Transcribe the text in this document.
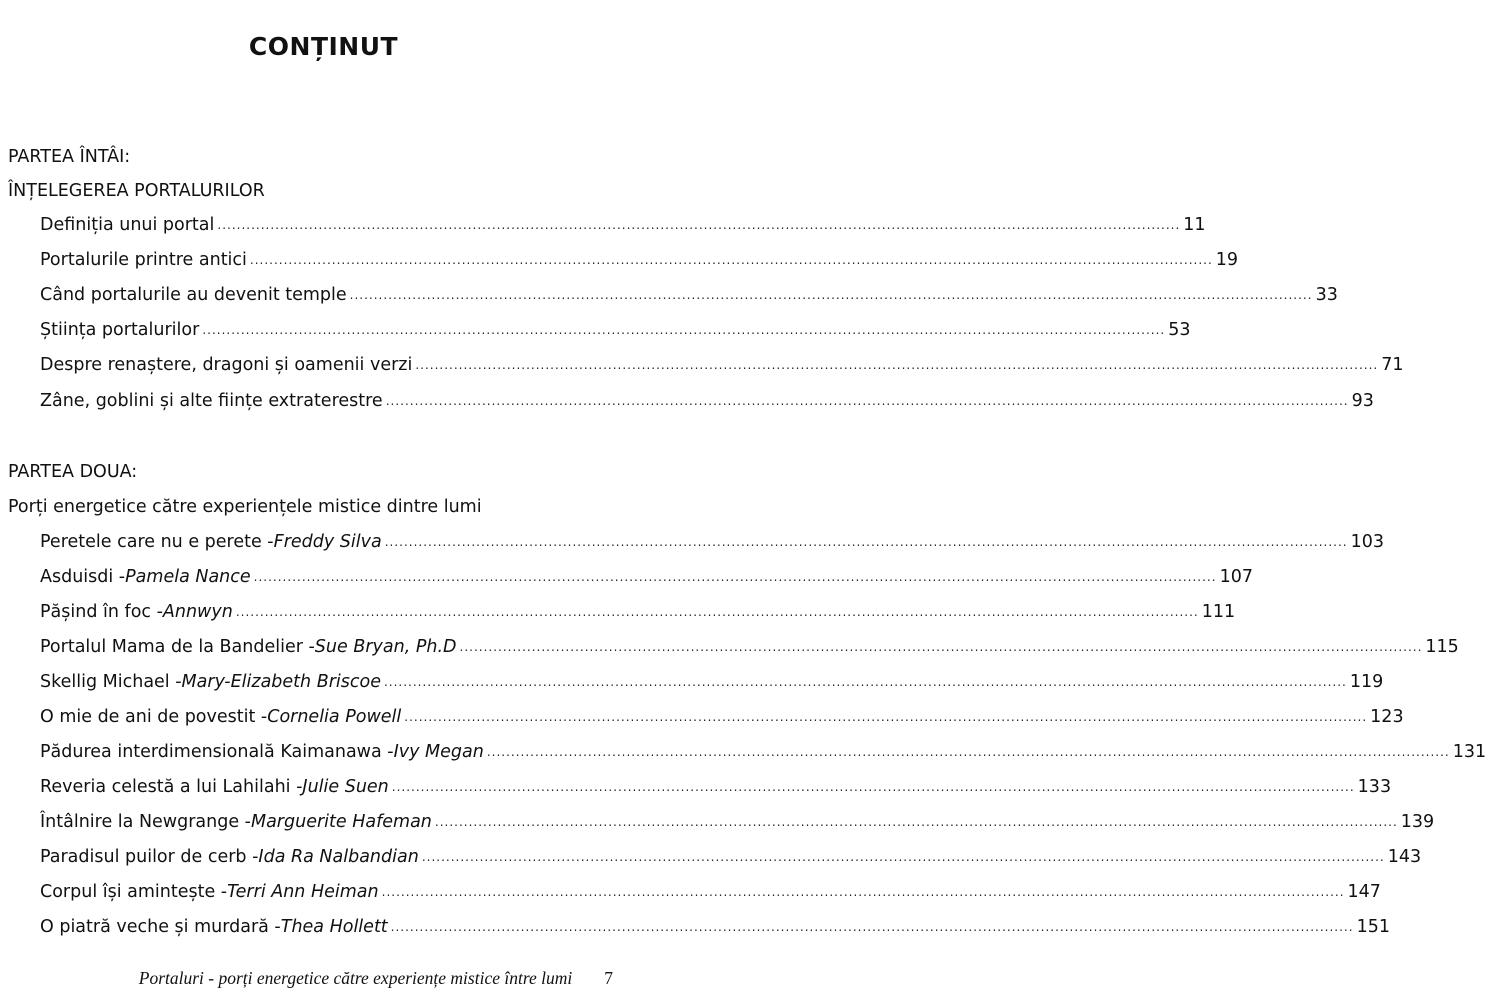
CONȚINUT
PARTEA ÎNTÂI:
ÎNȚELEGEREA PORTALURILOR
Definiția unui portal ........................................................................................................................................................................................................ 11
Portalurile printre antici ........................................................................................................................................................................................................ 19
Când portalurile au devenit temple ........................................................................................................................................................................................................ 33
Știința portalurilor ........................................................................................................................................................................................................ 53
Despre renaștere, dragoni și oamenii verzi ........................................................................................................................................................................................................ 71
Zâne, goblini și alte ființe extraterestre ........................................................................................................................................................................................................ 93
PARTEA DOUA:
Porți energetice către experiențele mistice dintre lumi
Peretele care nu e perete - Freddy Silva ........................................................................................................................................................................................................ 103
Asduisdi - Pamela Nance ........................................................................................................................................................................................................ 107
Pășind în foc - Annwyn ........................................................................................................................................................................................................ 111
Portalul Mama de la Bandelier - Sue Bryan, Ph.D ........................................................................................................................................................................................................ 115
Skellig Michael - Mary-Elizabeth Briscoe ........................................................................................................................................................................................................ 119
O mie de ani de povestit - Cornelia Powell ........................................................................................................................................................................................................ 123
Pădurea interdimensională Kaimanawa - Ivy Megan ........................................................................................................................................................................................................ 131
Reveria celestă a lui Lahilahi - Julie Suen ........................................................................................................................................................................................................ 133
Întâlnire la Newgrange - Marguerite Hafeman ........................................................................................................................................................................................................ 139
Paradisul puilor de cerb - Ida Ra Nalbandian ........................................................................................................................................................................................................ 143
Corpul își amintește - Terri Ann Heiman ........................................................................................................................................................................................................ 147
O piatră veche și murdară - Thea Hollett ........................................................................................................................................................................................................ 151
Portaluri - porți energetice către experiențe mistice între lumi 7
